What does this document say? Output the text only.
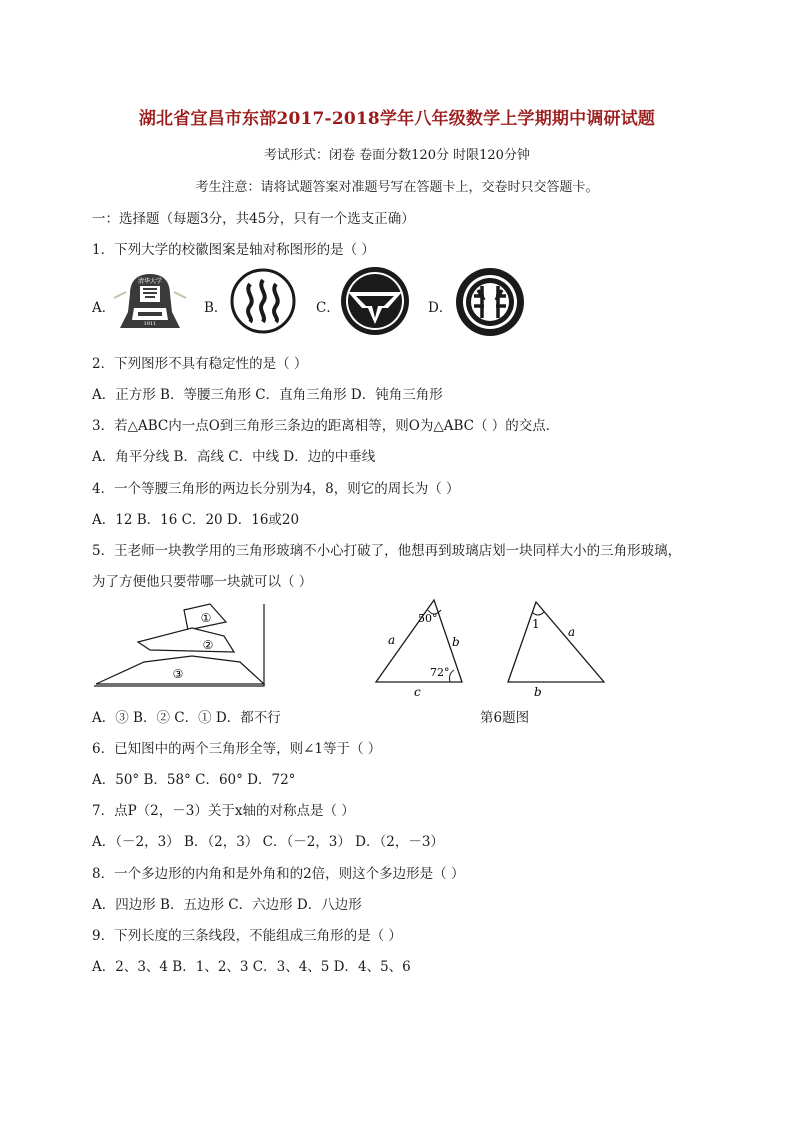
湖北省宜昌市东部2017-2018学年八年级数学上学期期中调研试题
考试形式：闭卷 卷面分数120分 时限120分钟
考生注意：请将试题答案对准题号写在答题卡上，交卷时只交答题卡。
一：选择题（每题3分，共45分，只有一个选支正确）
1．下列大学的校徽图案是轴对称图形的是（ ）
A．	B．	C．	D．
清华大学
1911
2．下列图形不具有稳定性的是（ ）
A．正方形 B．等腰三角形 C．直角三角形 D．钝角三角形
3．若△ABC内一点O到三角形三条边的距离相等，则O为△ABC（ ）的交点．
A．角平分线 B．高线 C．中线 D．边的中垂线
4．一个等腰三角形的两边长分别为4，8，则它的周长为（ ）
A．12 B．16 C．20 D．16或20
5．王老师一块教学用的三角形玻璃不小心打破了，他想再到玻璃店划一块同样大小的三角形玻璃，
为了方便他只要带哪一块就可以（ ）
①
②
③
50°
72°
a	b
c
1
a
b
A．③ B．② C．① D．都不行	第6题图
6．已知图中的两个三角形全等，则∠1等于（ ）
A．50° B．58° C．60° D．72°
7．点P（2，－3）关于x轴的对称点是（ ）
A．（－2，3） B．（2，3） C．（－2，3） D．（2，－3）
8．一个多边形的内角和是外角和的2倍，则这个多边形是（ ）
A．四边形 B．五边形 C．六边形 D．八边形
9．下列长度的三条线段，不能组成三角形的是（ ）
A．2、3、4 B．1、2、3 C．3、4、5 D．4、5、6
